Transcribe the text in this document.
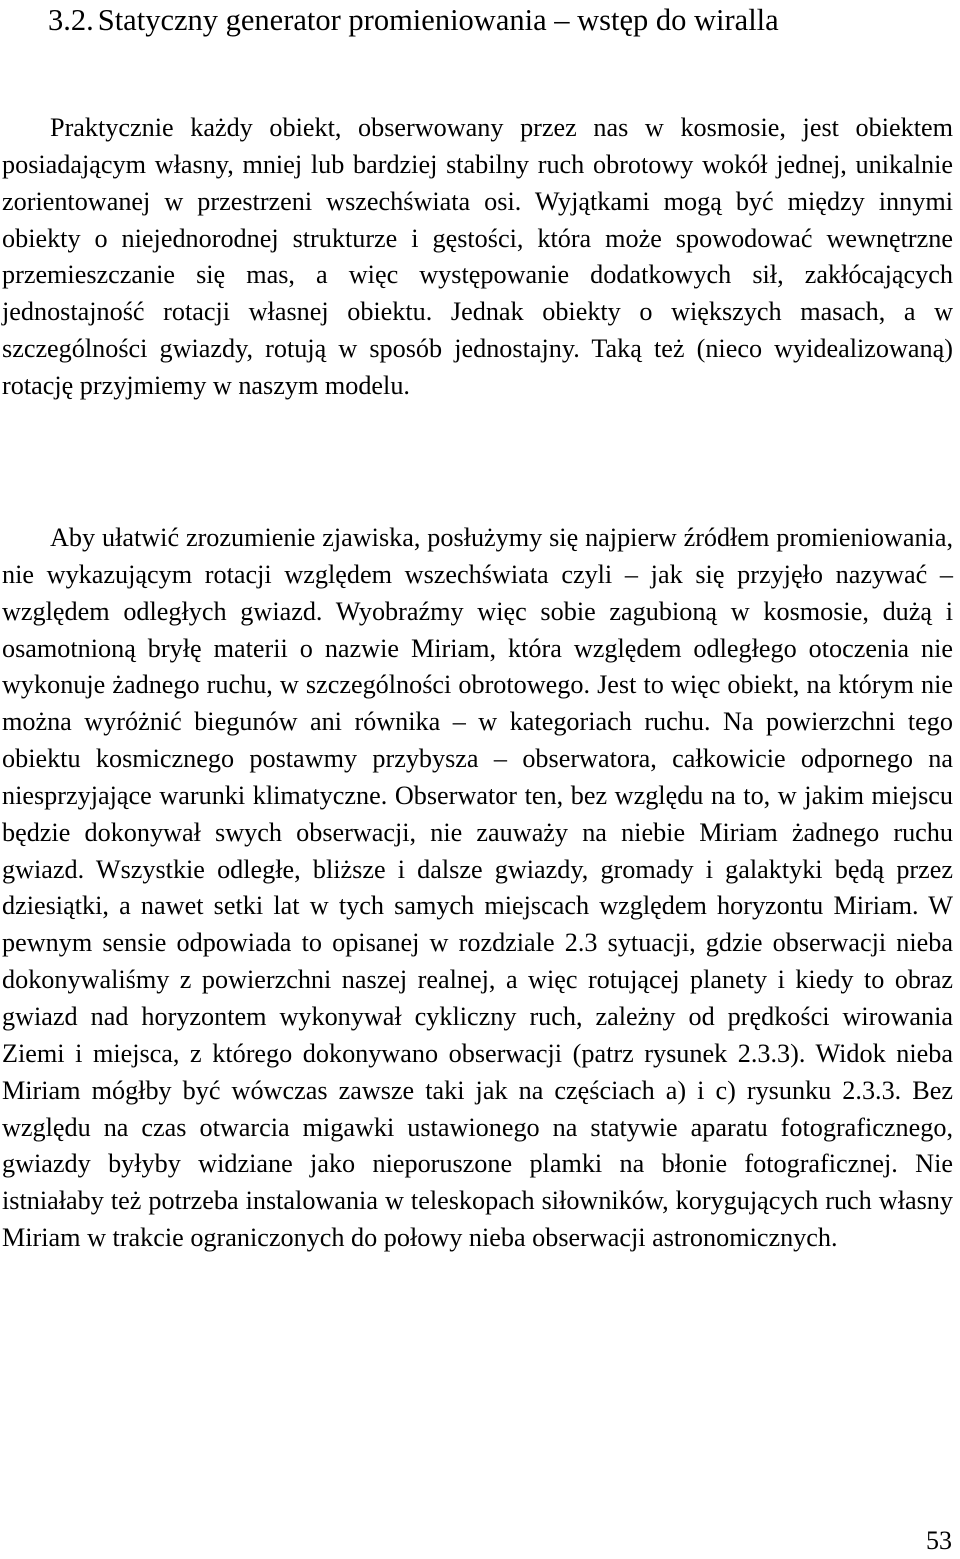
3.2. Statyczny generator promieniowania – wstęp do wiralla

Praktycznie każdy obiekt, obserwowany przez nas w kosmosie, jest obiektem posiadającym własny, mniej lub bardziej stabilny ruch obrotowy wokół jednej, unikalnie zorientowanej w przestrzeni wszechświata osi. Wyjątkami mogą być między innymi obiekty o niejednorodnej strukturze i gęstości, która może spowodować wewnętrzne przemieszczanie się mas, a więc występowanie dodatkowych sił, zakłócających jednostajność rotacji własnej obiektu. Jednak obiekty o większych masach, a w szczególności gwiazdy, rotują w sposób jednostajny. Taką też (nieco wyidealizowaną) rotację przyjmiemy w naszym modelu.

Aby ułatwić zrozumienie zjawiska, posłużymy się najpierw źródłem promieniowania, nie wykazującym rotacji względem wszechświata czyli – jak się przyjęło nazywać – względem odległych gwiazd. Wyobraźmy więc sobie zagubioną w kosmosie, dużą i osamotnioną bryłę materii o nazwie Miriam, która względem odległego otoczenia nie wykonuje żadnego ruchu, w szczególności obrotowego. Jest to więc obiekt, na którym nie można wyróżnić biegunów ani równika – w kategoriach ruchu. Na powierzchni tego obiektu kosmicznego postawmy przybysza – obserwatora, całkowicie odpornego na niesprzyjające warunki klimatyczne. Obserwator ten, bez względu na to, w jakim miejscu będzie dokonywał swych obserwacji, nie zauważy na niebie Miriam żadnego ruchu gwiazd. Wszystkie odległe, bliższe i dalsze gwiazdy, gromady i galaktyki będą przez dziesiątki, a nawet setki lat w tych samych miejscach względem horyzontu Miriam. W pewnym sensie odpowiada to opisanej w rozdziale 2.3 sytuacji, gdzie obserwacji nieba dokonywaliśmy z powierzchni naszej realnej, a więc rotującej planety i kiedy to obraz gwiazd nad horyzontem wykonywał cykliczny ruch, zależny od prędkości wirowania Ziemi i miejsca, z którego dokonywano obserwacji (patrz rysunek 2.3.3). Widok nieba Miriam mógłby być wówczas zawsze taki jak na częściach a) i c) rysunku 2.3.3. Bez względu na czas otwarcia migawki ustawionego na statywie aparatu fotograficznego, gwiazdy byłyby widziane jako nieporuszone plamki na błonie fotograficznej. Nie istniałaby też potrzeba instalowania w teleskopach siłowników, korygujących ruch własny Miriam w trakcie ograniczonych do połowy nieba obserwacji astronomicznych.

53
